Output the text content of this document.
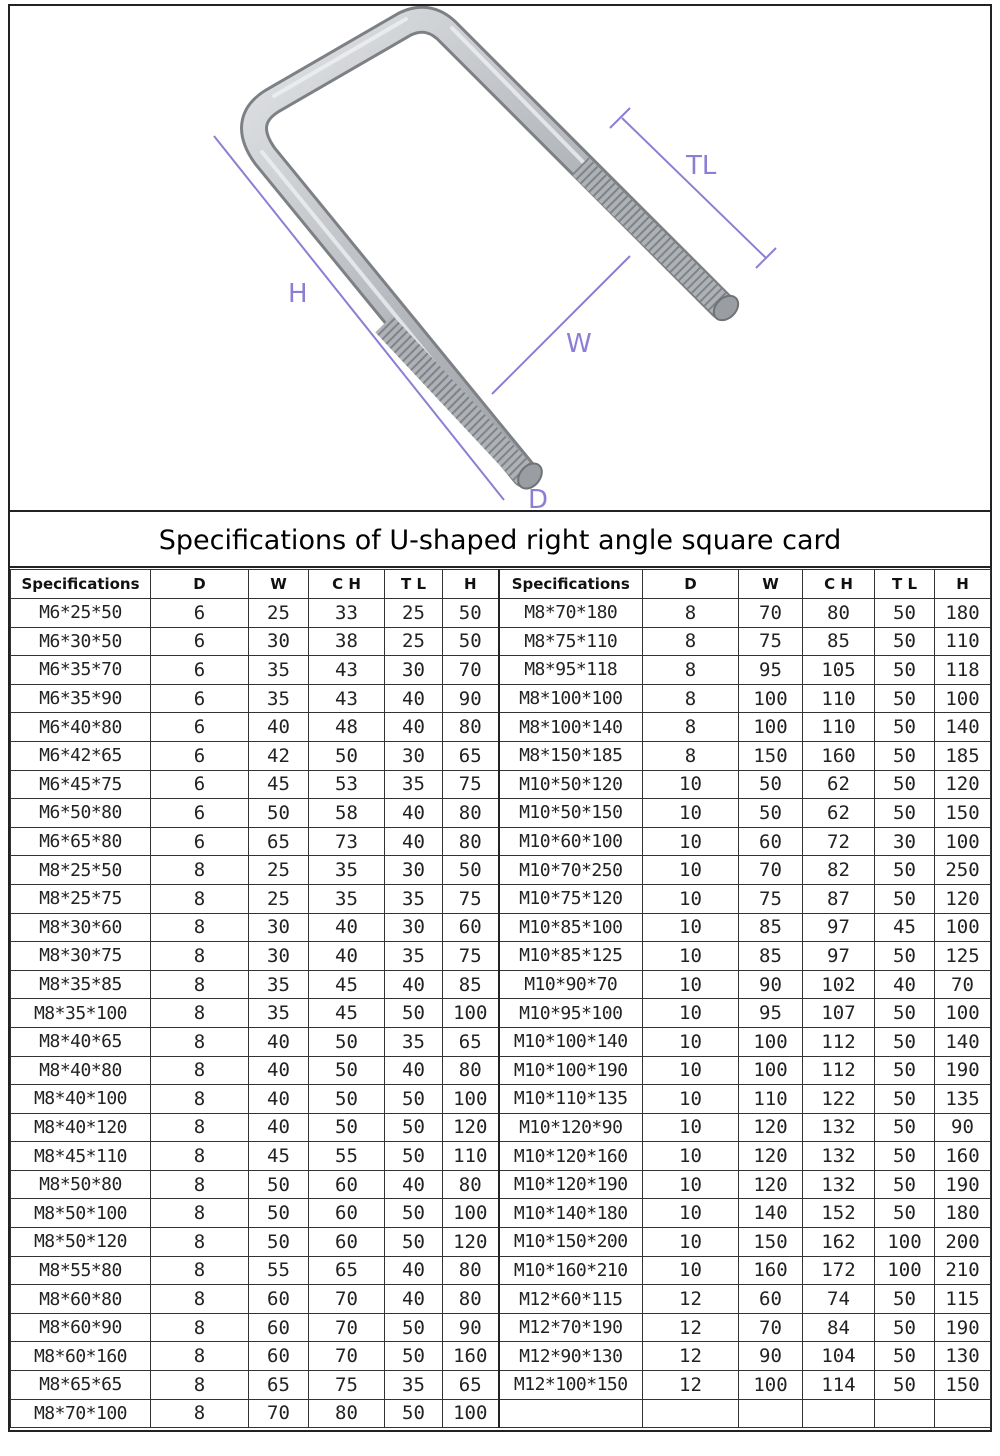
H
W
TL
D
Specifications of U-shaped right angle square card
Specifications	D	W	C H	T L	H	Specifications	D	W	C H	T L	H
M6*25*50	6	25	33	25	50	M8*70*180	8	70	80	50	180
M6*30*50	6	30	38	25	50	M8*75*110	8	75	85	50	110
M6*35*70	6	35	43	30	70	M8*95*118	8	95	105	50	118
M6*35*90	6	35	43	40	90	M8*100*100	8	100	110	50	100
M6*40*80	6	40	48	40	80	M8*100*140	8	100	110	50	140
M6*42*65	6	42	50	30	65	M8*150*185	8	150	160	50	185
M6*45*75	6	45	53	35	75	M10*50*120	10	50	62	50	120
M6*50*80	6	50	58	40	80	M10*50*150	10	50	62	50	150
M6*65*80	6	65	73	40	80	M10*60*100	10	60	72	30	100
M8*25*50	8	25	35	30	50	M10*70*250	10	70	82	50	250
M8*25*75	8	25	35	35	75	M10*75*120	10	75	87	50	120
M8*30*60	8	30	40	30	60	M10*85*100	10	85	97	45	100
M8*30*75	8	30	40	35	75	M10*85*125	10	85	97	50	125
M8*35*85	8	35	45	40	85	M10*90*70	10	90	102	40	70
M8*35*100	8	35	45	50	100	M10*95*100	10	95	107	50	100
M8*40*65	8	40	50	35	65	M10*100*140	10	100	112	50	140
M8*40*80	8	40	50	40	80	M10*100*190	10	100	112	50	190
M8*40*100	8	40	50	50	100	M10*110*135	10	110	122	50	135
M8*40*120	8	40	50	50	120	M10*120*90	10	120	132	50	90
M8*45*110	8	45	55	50	110	M10*120*160	10	120	132	50	160
M8*50*80	8	50	60	40	80	M10*120*190	10	120	132	50	190
M8*50*100	8	50	60	50	100	M10*140*180	10	140	152	50	180
M8*50*120	8	50	60	50	120	M10*150*200	10	150	162	100	200
M8*55*80	8	55	65	40	80	M10*160*210	10	160	172	100	210
M8*60*80	8	60	70	40	80	M12*60*115	12	60	74	50	115
M8*60*90	8	60	70	50	90	M12*70*190	12	70	84	50	190
M8*60*160	8	60	70	50	160	M12*90*130	12	90	104	50	130
M8*65*65	8	65	75	35	65	M12*100*150	12	100	114	50	150
M8*70*100	8	70	80	50	100						
